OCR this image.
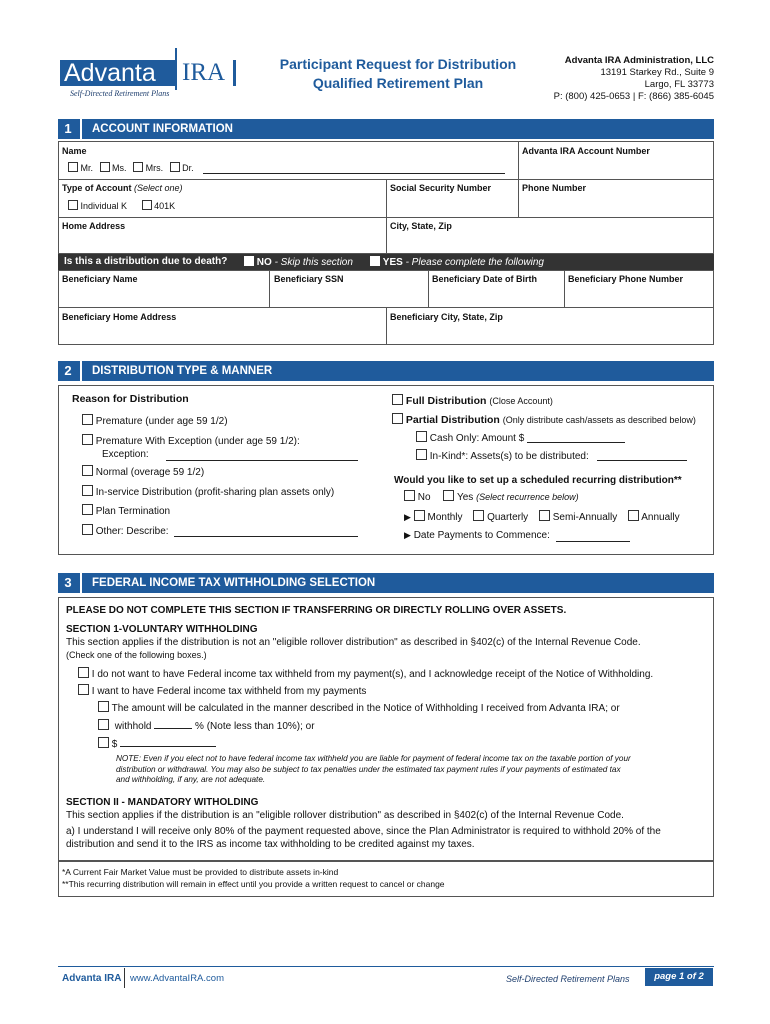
Advanta IRA
Self-Directed Retirement Plans
Participant Request for Distribution
Qualified Retirement Plan
Advanta IRA Administration, LLC
13191 Starkey Rd., Suite 9
Largo, FL 33773
P: (800) 425-0653 | F: (866) 385-6045
1	ACCOUNT INFORMATION
Name	Advanta IRA Account Number
Mr. Ms. Mrs. Dr.
Type of Account (Select one)	Social Security Number	Phone Number
Individual K	401K
Home Address	City, State, Zip
Is this a distribution due to death?	NO - Skip this section	YES - Please complete the following
Beneficiary Name	Beneficiary SSN	Beneficiary Date of Birth	Beneficiary Phone Number
Beneficiary Home Address	Beneficiary City, State, Zip
2	DISTRIBUTION TYPE & MANNER
Reason for Distribution
Premature (under age 59 1/2)
Premature With Exception (under age 59 1/2):
Exception:
Normal (overage 59 1/2)
In-service Distribution (profit-sharing plan assets only)
Plan Termination
Other: Describe:
Full Distribution (Close Account)
Partial Distribution (Only distribute cash/assets as described below)
Cash Only: Amount $
In-Kind*: Assets(s) to be distributed:
Would you like to set up a scheduled recurring distribution**
No	Yes (Select recurrence below)
▶ Monthly Quarterly Semi-Annually Annually
▶ Date Payments to Commence:
3	FEDERAL INCOME TAX WITHHOLDING SELECTION
PLEASE DO NOT COMPLETE THIS SECTION IF TRANSFERRING OR DIRECTLY ROLLING OVER ASSETS.
SECTION 1-VOLUNTARY WITHHOLDING
This section applies if the distribution is not an "eligible rollover distribution" as described in §402(c) of the Internal Revenue Code.
(Check one of the following boxes.)
I do not want to have Federal income tax withheld from my payment(s), and I acknowledge receipt of the Notice of Withholding.
I want to have Federal income tax withheld from my payments
The amount will be calculated in the manner described in the Notice of Withholding I received from Advanta IRA; or
withhold	% (Note less than 10%); or
$
NOTE: Even if you elect not to have federal income tax withheld you are liable for payment of federal income tax on the taxable portion of your
distribution or withdrawal. You may also be subject to tax penalties under the estimated tax payment rules if your payments of estimated tax
and withholding, if any, are not adequate.
SECTION II - MANDATORY WITHOLDING
This section applies if the distribution is an "eligible rollover distribution" as described in §402(c) of the Internal Revenue Code.
a) I understand I will receive only 80% of the payment requested above, since the Plan Administrator is required to withhold 20% of the
distribution and send it to the IRS as income tax withholding to be credited against my taxes.
*A Current Fair Market Value must be provided to distribute assets in-kind
**This recurring distribution will remain in effect until you provide a written request to cancel or change
Advanta IRA www.AdvantaIRA.com	Self-Directed Retirement Plans	page 1 of 2
